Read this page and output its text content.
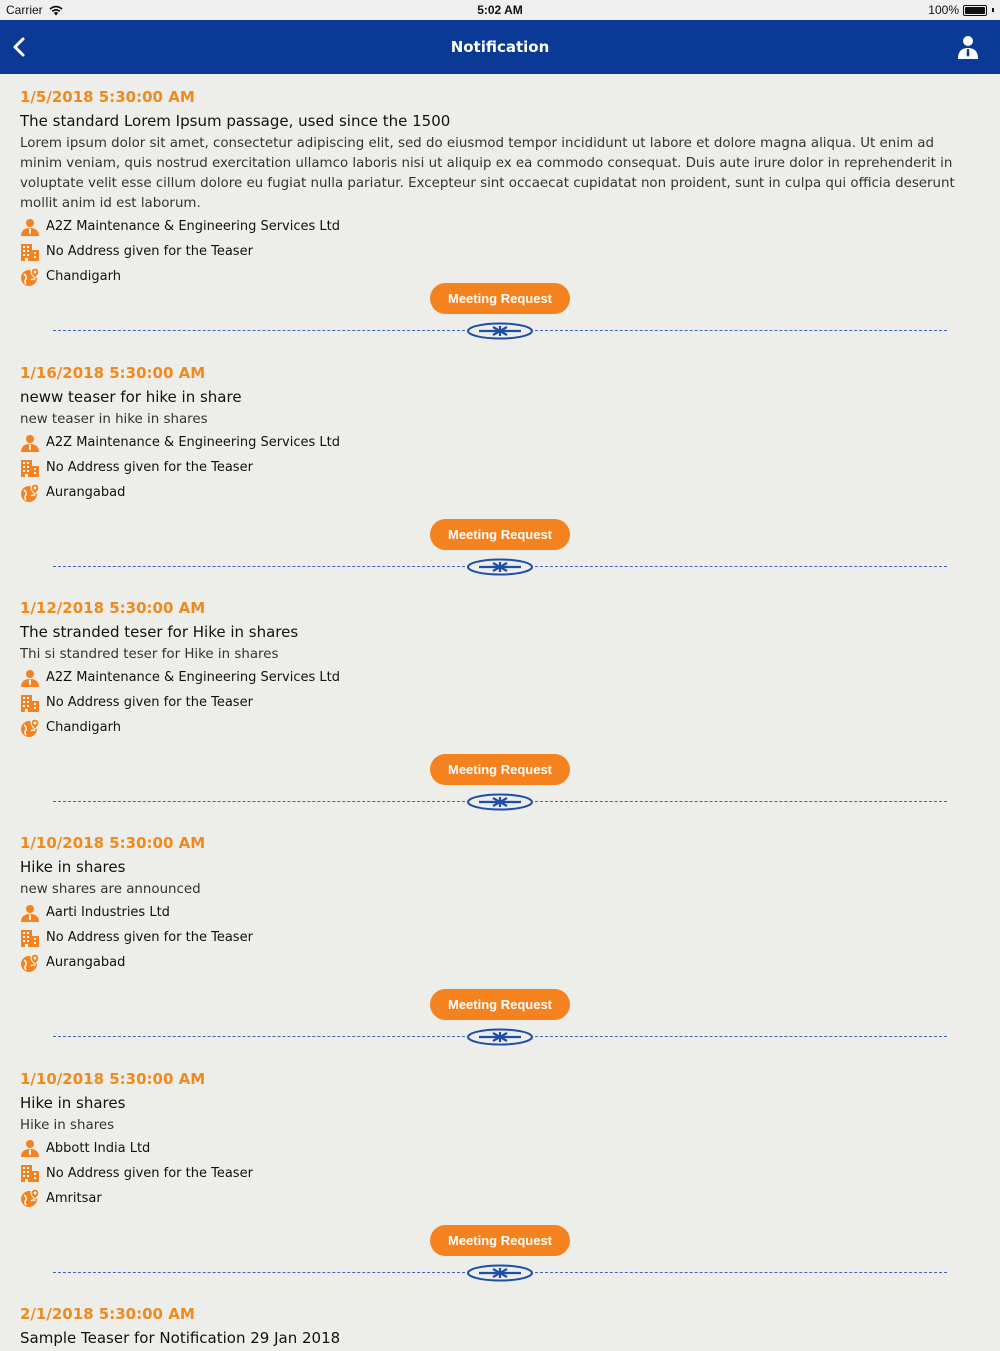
Carrier	5:02 AM	100%
Notification
1/5/2018 5:30:00 AM
The standard Lorem Ipsum passage, used since the 1500
Lorem ipsum dolor sit amet, consectetur adipiscing elit, sed do eiusmod tempor incididunt ut labore et dolore magna aliqua. Ut enim ad minim veniam, quis nostrud exercitation ullamco laboris nisi ut aliquip ex ea commodo consequat. Duis aute irure dolor in reprehenderit in voluptate velit esse cillum dolore eu fugiat nulla pariatur. Excepteur sint occaecat cupidatat non proident, sunt in culpa qui officia deserunt mollit anim id est laborum.
A2Z Maintenance & Engineering Services Ltd
No Address given for the Teaser
Chandigarh
Meeting Request
1/16/2018 5:30:00 AM
neww teaser for hike in share
new teaser in hike in shares
A2Z Maintenance & Engineering Services Ltd
No Address given for the Teaser
Aurangabad
Meeting Request
1/12/2018 5:30:00 AM
The stranded teser for Hike in shares
Thi si standred teser for Hike in shares
A2Z Maintenance & Engineering Services Ltd
No Address given for the Teaser
Chandigarh
Meeting Request
1/10/2018 5:30:00 AM
Hike in shares
new shares are announced
Aarti Industries Ltd
No Address given for the Teaser
Aurangabad
Meeting Request
1/10/2018 5:30:00 AM
Hike in shares
Hike in shares
Abbott India Ltd
No Address given for the Teaser
Amritsar
Meeting Request
2/1/2018 5:30:00 AM
Sample Teaser for Notification 29 Jan 2018
